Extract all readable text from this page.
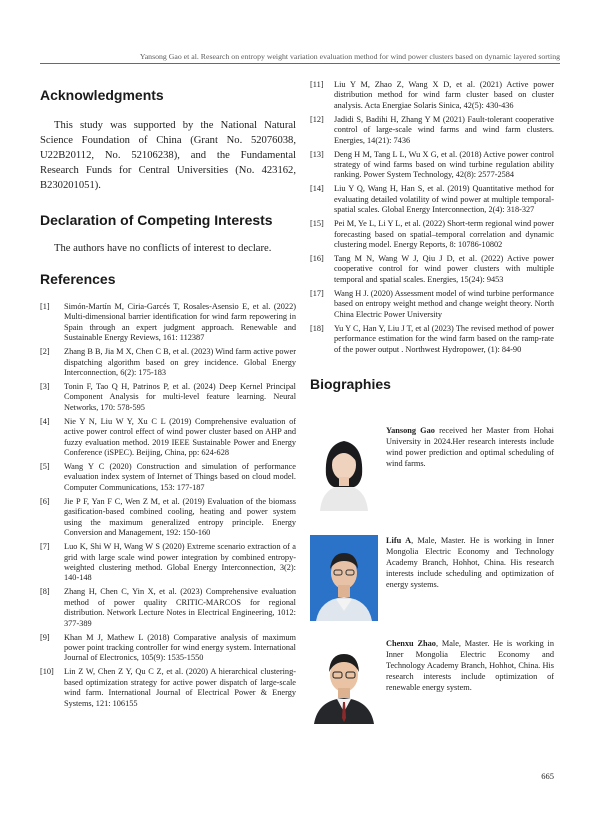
Yansong Gao et al. Research on entropy weight variation evaluation method for wind power clusters based on dynamic layered sorting
Acknowledgments

This study was supported by the National Natural Science Foundation of China (Grant No. 52076038, U22B20112, No. 52106238), and the Fundamental Research Funds for Central Universities (No. 423162, B230201051).

Declaration of Competing Interests

The authors have no conflicts of interest to declare.

References
[1]	Simón-Martín M, Ciria-Garcés T, Rosales-Asensio E, et al. (2022) Multi-dimensional barrier identification for wind farm repowering in Spain through an expert judgment approach. Renewable and Sustainable Energy Reviews, 161: 112387
[2]	Zhang B B, Jia M X, Chen C B, et al. (2023) Wind farm active power dispatching algorithm based on grey incidence. Global Energy Interconnection, 6(2): 175-183
[3]	Tonin F, Tao Q H, Patrinos P, et al. (2024) Deep Kernel Principal Component Analysis for multi-level feature learning. Neural Networks, 170: 578-595
[4]	Nie Y N, Liu W Y, Xu C L (2019) Comprehensive evaluation of active power control effect of wind power cluster based on AHP and fuzzy evaluation method. 2019 IEEE Sustainable Power and Energy Conference (iSPEC). Beijing, China, pp: 624-628
[5]	Wang Y C (2020) Construction and simulation of performance evaluation index system of Internet of Things based on cloud model. Computer Communications, 153: 177-187
[6]	Jie P F, Yan F C, Wen Z M, et al. (2019) Evaluation of the biomass gasification-based combined cooling, heating and power system using the maximum generalized entropy principle. Energy Conversion and Management, 192: 150-160
[7]	Luo K, Shi W H, Wang W S (2020) Extreme scenario extraction of a grid with large scale wind power integration by combined entropy-weighted clustering method. Global Energy Interconnection, 3(2): 140-148
[8]	Zhang H, Chen C, Yin X, et al. (2023) Comprehensive evaluation method of power quality CRITIC-MARCOS for regional distribution. Network Lecture Notes in Electrical Engineering, 1012: 377-389
[9]	Khan M J, Mathew L (2018) Comparative analysis of maximum power point tracking controller for wind energy system. International Journal of Electronics, 105(9): 1535-1550
[10]	Lin Z W, Chen Z Y, Qu C Z, et al. (2020) A hierarchical clustering-based optimization strategy for active power dispatch of large-scale wind farm. International Journal of Electrical Power & Energy Systems, 121: 106155
[11]	Liu Y M, Zhao Z, Wang X D, et al. (2021) Active power distribution method for wind farm cluster based on cluster analysis. Acta Energiae Solaris Sinica, 42(5): 430-436
[12]	Jadidi S, Badihi H, Zhang Y M (2021) Fault-tolerant cooperative control of large-scale wind farms and wind farm clusters. Energies, 14(21): 7436
[13]	Deng H M, Tang L L, Wu X G, et al. (2018) Active power control strategy of wind farms based on wind turbine regulation ability ranking. Power System Technology, 42(8): 2577-2584
[14]	Liu Y Q, Wang H, Han S, et al. (2019) Quantitative method for evaluating detailed volatility of wind power at multiple temporal-spatial scales. Global Energy Interconnection, 2(4): 318-327
[15]	Pei M, Ye L, Li Y L, et al. (2022) Short-term regional wind power forecasting based on spatial–temporal correlation and dynamic clustering model. Energy Reports, 8: 10786-10802
[16]	Tang M N, Wang W J, Qiu J D, et al. (2022) Active power cooperative control for wind power clusters with multiple temporal and spatial scales. Energies, 15(24): 9453
[17]	Wang H J. (2020) Assessment model of wind turbine performance based on entropy weight method and change weight theory. North China Electric Power University
[18]	Yu Y C, Han Y, Liu J T, et al (2023) The revised method of power performance estimation for the wind farm based on the ramp-rate of the power output . Northwest Hydropower, (1): 84-90
Biographies
Yansong Gao received her Master from Hohai University in 2024.Her research interests include wind power prediction and optimal scheduling of wind farms.
Lifu A, Male, Master. He is working in Inner Mongolia Electric Economy and Technology Academy Branch, Hohhot, China. His research interests include scheduling and optimization of energy systems.
Chenxu Zhao, Male, Master. He is working in Inner Mongolia Electric Economy and Technology Academy Branch, Hohhot, China. His research interests include optimization of renewable energy system.
665
